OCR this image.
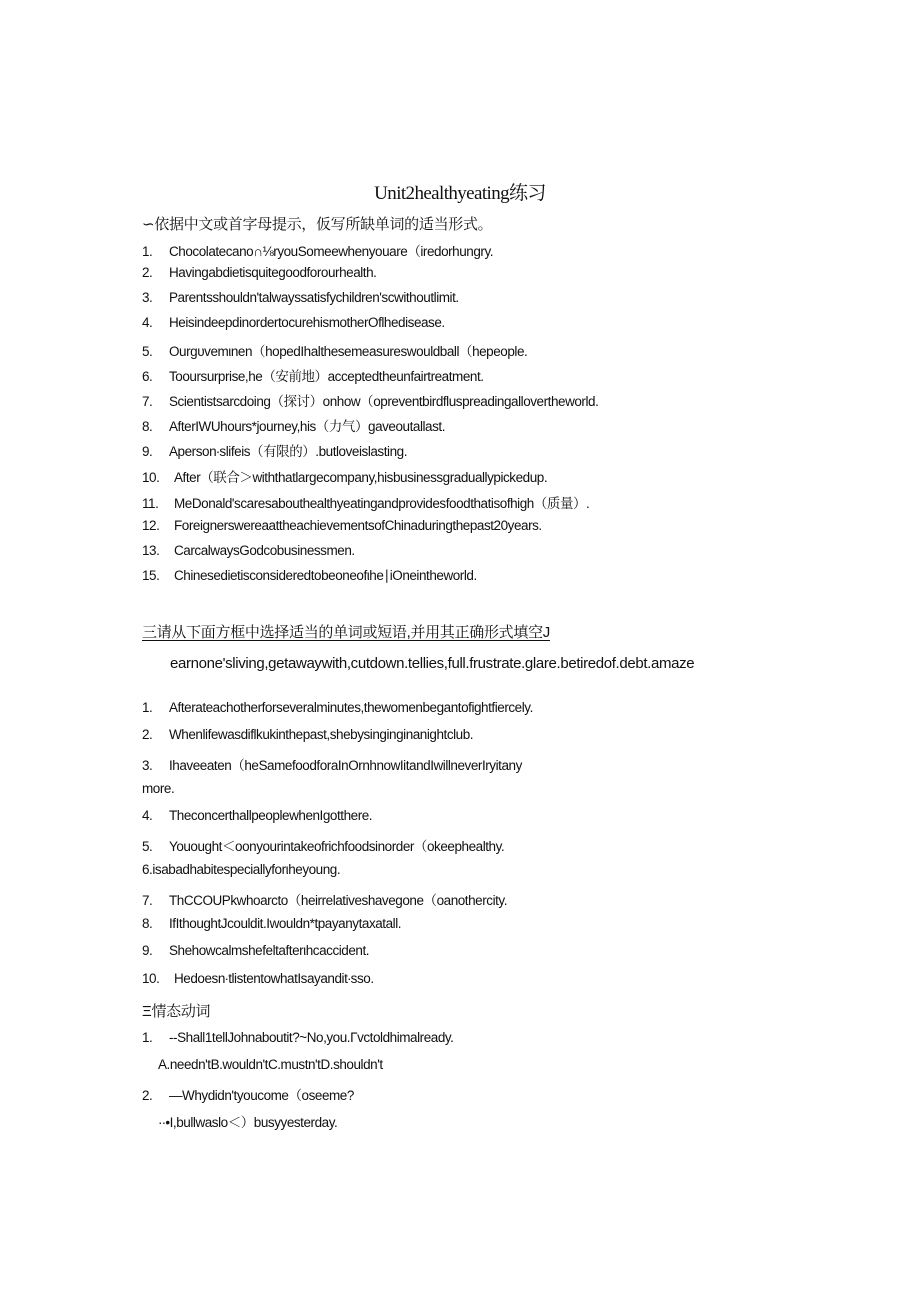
Unit2healthyeating练习
∽依据中文或首字母提示，仮写所缺单词的适当形式。
1. Chocolatecano∩⅛ryouSomeewhenyouare（iredorhungry.
2. Havingabdietisquitegoodforourhealth.
3. Parentsshouldn'talwayssatisfychildren'scwithoutlimit.
4. HeisindeepdinordertocurehismotherOflhedisease.
5. Ourgυvemιnen（hopedΙhalthesemeasureswouldball（hepeople.
6. Tooursurprise,he（安前地）acceptedtheunfairtreatment.
7. Scientistsarcdoing（探讨）onhow（opreventbirdfluspreadingallovertheworld.
8. AfterIWUhours*journey,his（力气）gaveoutallast.
9. Aperson∙slifeis（有限的）.butloveislasting.
10. After（联合＞withthatlargecompany,hisbusinessgraduallypickedup.
11. MeDonald'scaresabouthealthyeatingandprovidesfoodthatisofhigh（质量）.
12. ForeignerswereaattheachievementsofChinaduringthepast20years.
13. CarcalwaysGodcobusinessmen.
15. Chinesedietisconsideredtobeoneofιhe∣iOneintheworld.
三请从下面方框中选择适当的单词或短语,并用其正确形式填空J
earnone'sliving,getawaywith,cutdown.tellies,full.frustrate.glare.betiredof.debt.amaze
1. Afterateachotherforseveralminutes,thewomenbegantofightfiercely.
2. Whenlifewasdiflkukinthepast,shebysinginginanightclub.
3. Ihaveeaten（heSamefoodforaInOrnhnowIitandIwillneverIryitany
more.
4. TheconcerthallpeoplewhenIgotthere.
5. Youought＜oonyourintakeofrichfoodsinorder（okeephealthy.
6.isabadhabitespeciallyforιheyoung.
7. ThCCOUPkwhoarcto（heirrelativeshavegone（oanothercity.
8. IfIthoughtJcouldit.Iwouldn*tpayanytaxatall.
9. Shehowcalmshefeltafterιhcaccident.
10. Hedoesn∙tlistentowhatIsayandit∙sso.
Ξ情态动词
1. --Shall1tellJohnaboutit?~No,you.Γvctoldhimalready.
A.needn'tB.wouldn'tC.mustn'tD.shouldn't
2. —Whydidn'tyoucome（oseeme?
·∙•I,bullwaslo＜）busyyesterday.
